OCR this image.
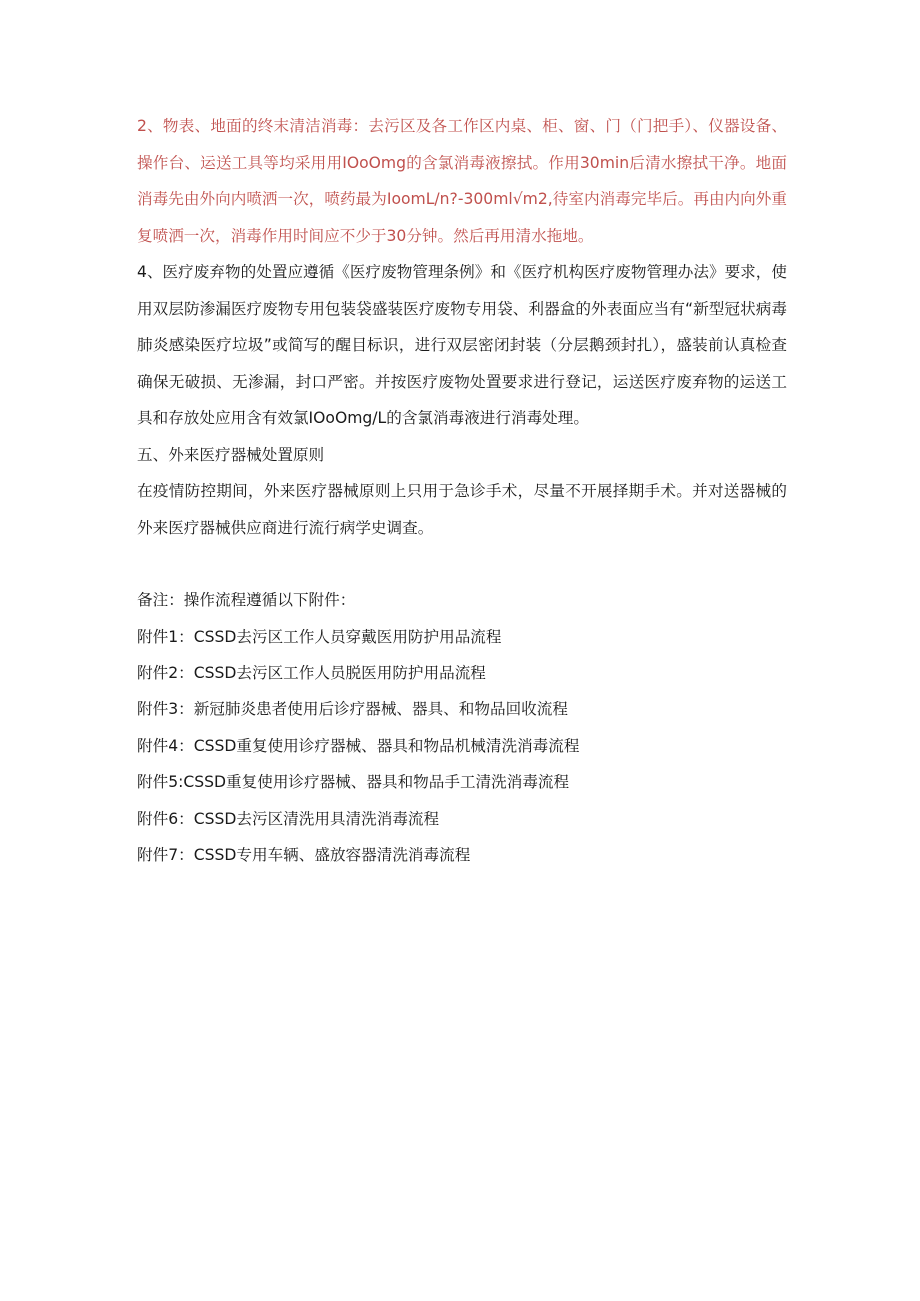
2、物表、地面的终末清洁消毒：去污区及各工作区内桌、柜、窗、门（门把手）、仪器设备、操作台、运送工具等均采用用IOoOmg的含氯消毒液擦拭。作用30min后清水擦拭干净。地面消毒先由外向内喷洒一次，喷药最为IoomL/n?-300ml√m2,待室内消毒完毕后。再由内向外重复喷洒一次，消毒作用时间应不少于30分钟。然后再用清水拖地。

4、医疗废弃物的处置应遵循《医疗废物管理条例》和《医疗机构医疗废物管理办法》要求，使用双层防渗漏医疗废物专用包装袋盛装医疗废物专用袋、利器盒的外表面应当有“新型冠状病毒肺炎感染医疗垃圾”或简写的醒目标识，进行双层密闭封装（分层鹅颈封扎），盛装前认真检查确保无破损、无渗漏，封口严密。并按医疗废物处置要求进行登记，运送医疗废弃物的运送工具和存放处应用含有效氯IOoOmg/L的含氯消毒液进行消毒处理。

五、外来医疗器械处置原则

在疫情防控期间，外来医疗器械原则上只用于急诊手术，尽量不开展择期手术。并对送器械的外来医疗器械供应商进行流行病学史调查。

备注：操作流程遵循以下附件：

附件1：CSSD去污区工作人员穿戴医用防护用品流程
附件2：CSSD去污区工作人员脱医用防护用品流程
附件3：新冠肺炎患者使用后诊疗器械、器具、和物品回收流程
附件4：CSSD重复使用诊疗器械、器具和物品机械清洗消毒流程
附件5:CSSD重复使用诊疗器械、器具和物品手工清洗消毒流程
附件6：CSSD去污区清洗用具清洗消毒流程
附件7：CSSD专用车辆、盛放容器清洗消毒流程
